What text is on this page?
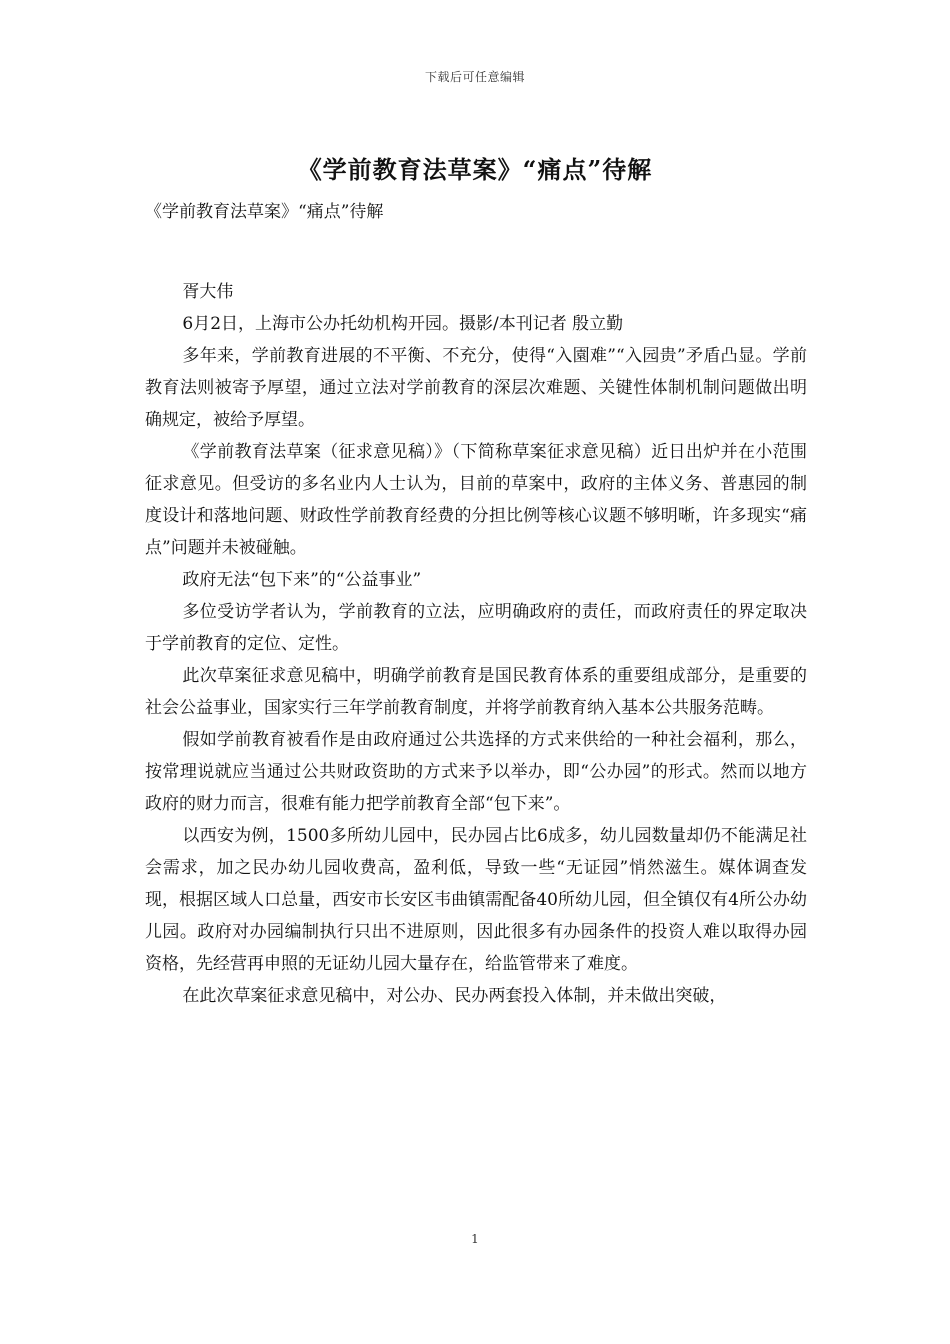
下载后可任意编辑
《学前教育法草案》“痛点”待解

《学前教育法草案》“痛点”待解

胥大伟

6月2日，上海市公办托幼机构开园。摄影/本刊记者 殷立勤

多年来，学前教育进展的不平衡、不充分，使得“入園难”“入园贵”矛盾凸显。学前教育法则被寄予厚望，通过立法对学前教育的深层次难题、关键性体制机制问题做出明确规定，被给予厚望。

《学前教育法草案（征求意见稿）》（下简称草案征求意见稿）近日出炉并在小范围征求意见。但受访的多名业内人士认为，目前的草案中，政府的主体义务、普惠园的制度设计和落地问题、财政性学前教育经费的分担比例等核心议题不够明晰，许多现实“痛点”问题并未被碰触。

政府无法“包下来”的“公益事业”

多位受访学者认为，学前教育的立法，应明确政府的责任，而政府责任的界定取决于学前教育的定位、定性。

此次草案征求意见稿中，明确学前教育是国民教育体系的重要组成部分，是重要的社会公益事业，国家实行三年学前教育制度，并将学前教育纳入基本公共服务范畴。

假如学前教育被看作是由政府通过公共选择的方式来供给的一种社会福利，那么，按常理说就应当通过公共财政资助的方式来予以举办，即“公办园”的形式。然而以地方政府的财力而言，很难有能力把学前教育全部“包下来”。

以西安为例，1500多所幼儿园中，民办园占比6成多，幼儿园数量却仍不能满足社会需求，加之民办幼儿园收费高，盈利低，导致一些“无证园”悄然滋生。媒体调查发现，根据区域人口总量，西安市长安区韦曲镇需配备40所幼儿园，但全镇仅有4所公办幼儿园。政府对办园编制执行只出不进原则，因此很多有办园条件的投资人难以取得办园资格，先经营再申照的无证幼儿园大量存在，给监管带来了难度。

在此次草案征求意见稿中，对公办、民办两套投入体制，并未做出突破，

1
